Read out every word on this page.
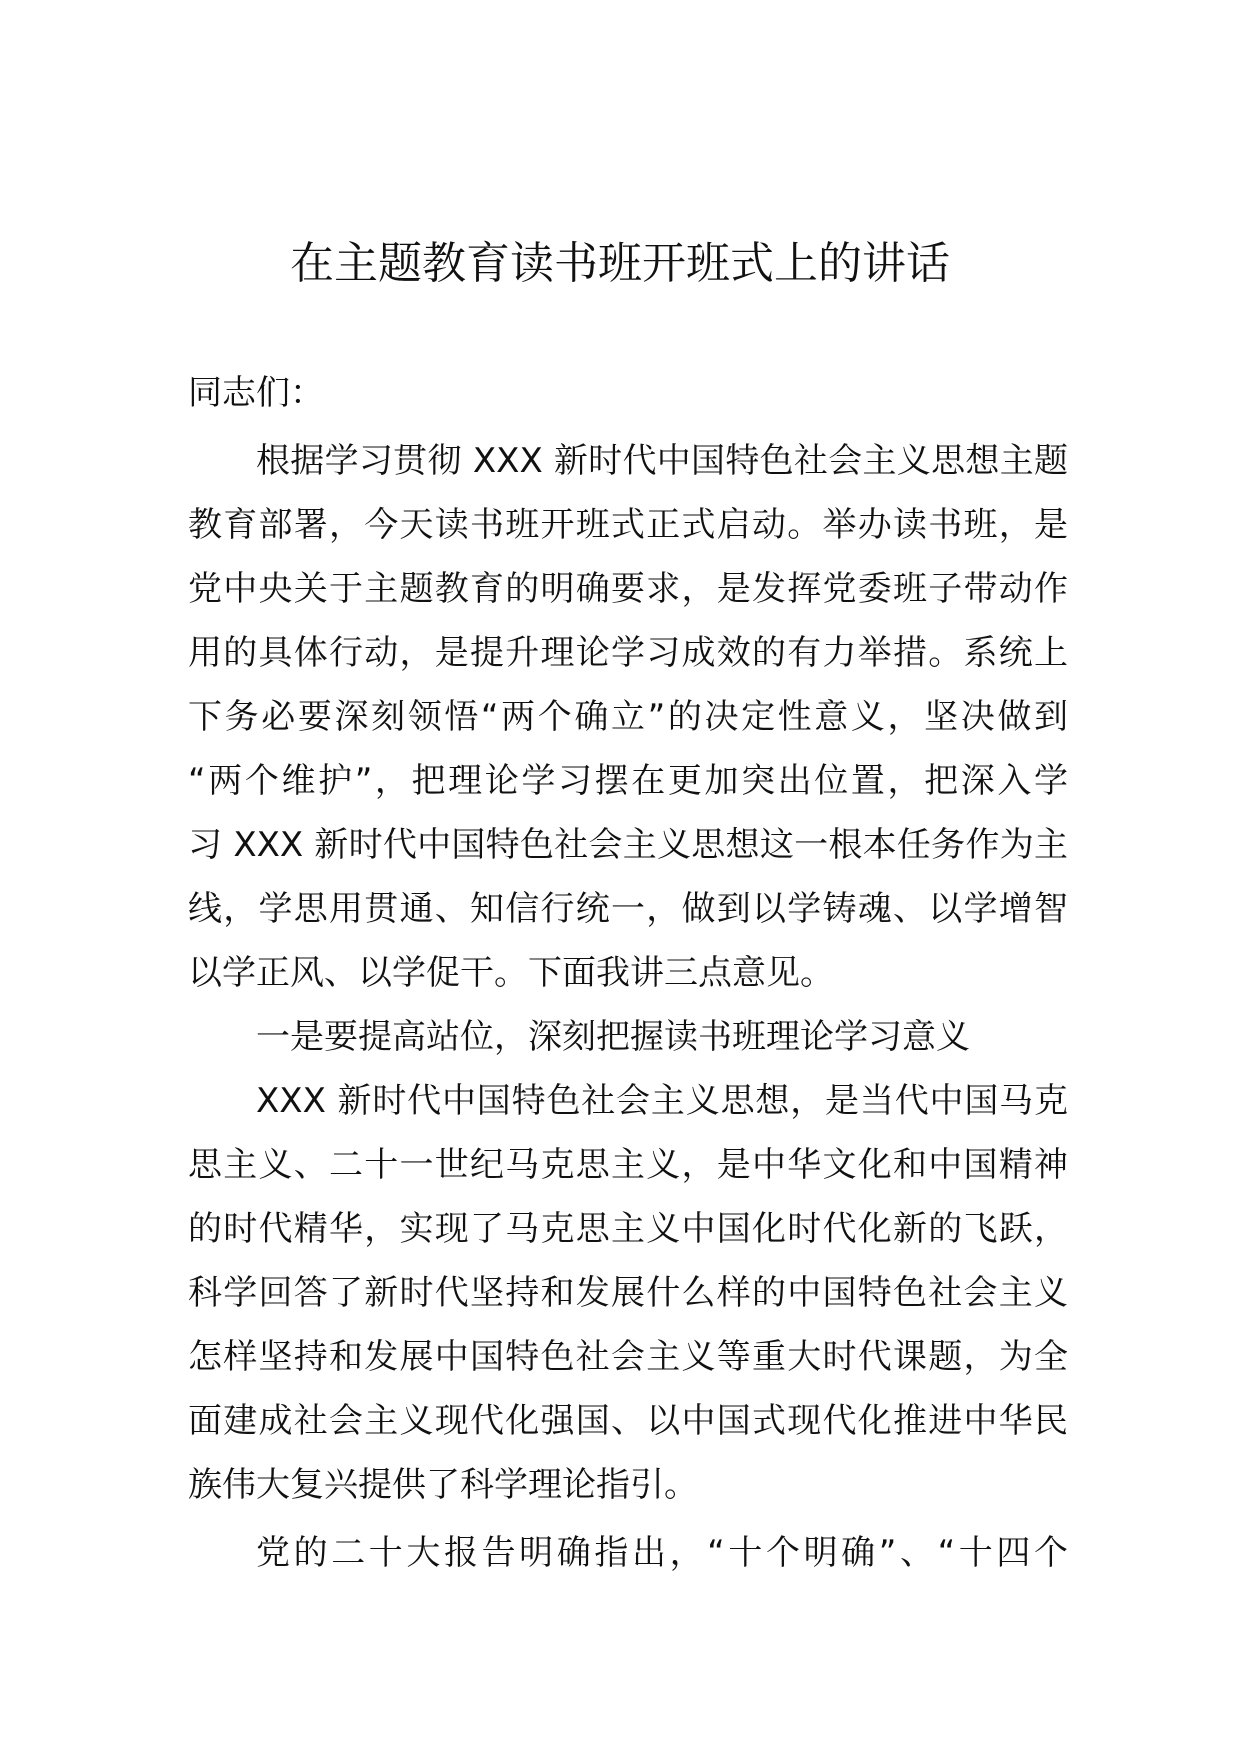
在主题教育读书班开班式上的讲话
同志们：
根据学习贯彻 XXX 新时代中国特色社会主义思想主题
教育部署，今天读书班开班式正式启动。举办读书班，是
党中央关于主题教育的明确要求，是发挥党委班子带动作
用的具体行动，是提升理论学习成效的有力举措。系统上
下务必要深刻领悟“两个确立”的决定性意义，坚决做到
“两个维护”，把理论学习摆在更加突出位置，把深入学
习 XXX 新时代中国特色社会主义思想这一根本任务作为主
线，学思用贯通、知信行统一，做到以学铸魂、以学增智
以学正风、以学促干。下面我讲三点意见。
一是要提高站位，深刻把握读书班理论学习意义
XXX 新时代中国特色社会主义思想，是当代中国马克
思主义、二十一世纪马克思主义，是中华文化和中国精神
的时代精华，实现了马克思主义中国化时代化新的飞跃，
科学回答了新时代坚持和发展什么样的中国特色社会主义
怎样坚持和发展中国特色社会主义等重大时代课题，为全
面建成社会主义现代化强国、以中国式现代化推进中华民
族伟大复兴提供了科学理论指引。
党的二十大报告明确指出，“十个明确”、“十四个
